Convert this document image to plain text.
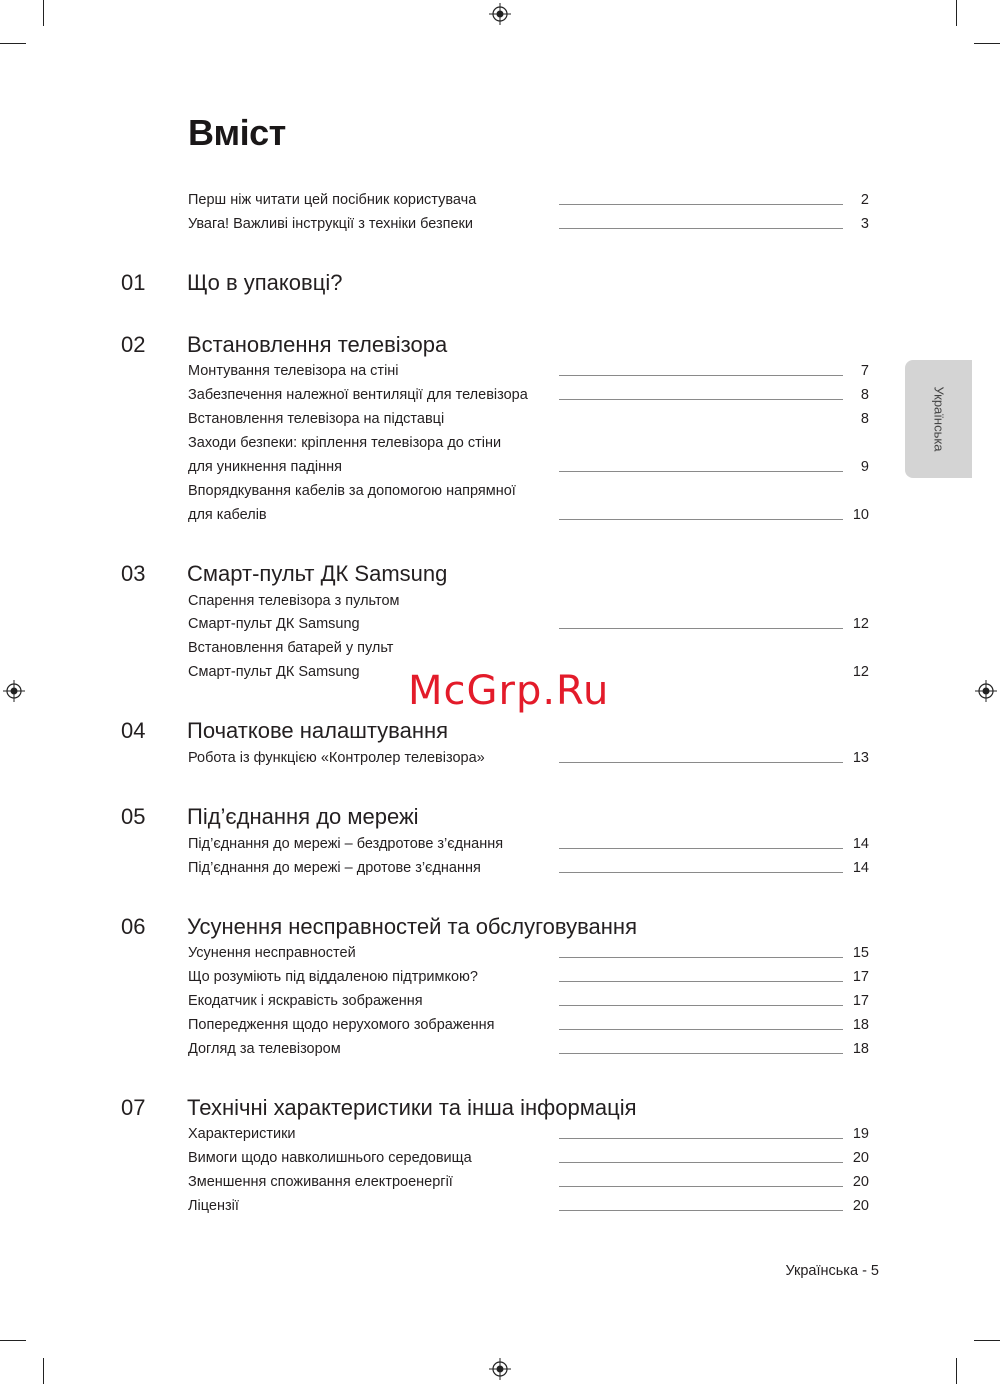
Вміст
Перш ніж читати цей посібник користувача	2
Увага! Важливі інструкції з техніки безпеки	3
01 Що в упаковці?
02 Встановлення телевізора
Монтування телевізора на стіні	7
Забезпечення належної вентиляції для телевізора	8
Встановлення телевізора на підставці	8
Заходи безпеки: кріплення телевізора до стіни
для уникнення падіння	9
Впорядкування кабелів за допомогою напрямної
для кабелів	10
03 Смарт-пульт ДК Samsung
Спарення телевізора з пультом
Смарт-пульт ДК Samsung	12
Встановлення батарей у пульт
Смарт-пульт ДК Samsung	12
04 Початкове налаштування
Робота із функцією «Контролер телевізора»	13
05 Під’єднання до мережі
Під’єднання до мережі – бездротове з’єднання	14
Під’єднання до мережі – дротове з’єднання	14
06 Усунення несправностей та обслуговування
Усунення несправностей	15
Що розуміють під віддаленою підтримкою?	17
Екодатчик і яскравість зображення	17
Попередження щодо нерухомого зображення	18
Догляд за телевізором	18
07 Технічні характеристики та інша інформація
Характеристики	19
Вимоги щодо навколишнього середовища	20
Зменшення споживання електроенергії	20
Ліцензії	20
Українська
McGrp.Ru
Українська - 5
